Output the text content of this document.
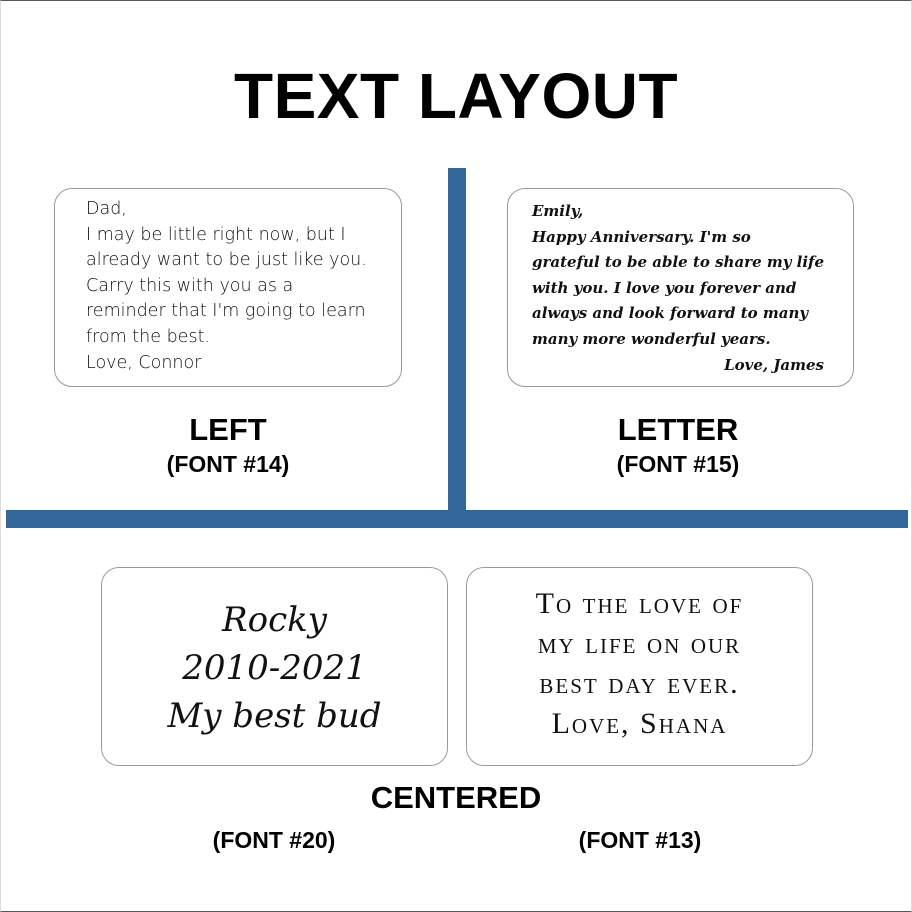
TEXT LAYOUT
Dad,
I may be little right now, but I
already want to be just like you.
Carry this with you as a
reminder that I'm going to learn
from the best.
Love, Connor
Emily,
Happy Anniversary. I'm so
grateful to be able to share my life
with you. I love you forever and
always and look forward to many
many more wonderful years.
Love, James
LEFT
(FONT #14)
LETTER
(FONT #15)
Rocky
2010-2021
My best bud
To the love of
my life on our
best day ever.
Love, Shana
CENTERED
(FONT #20)	(FONT #13)
